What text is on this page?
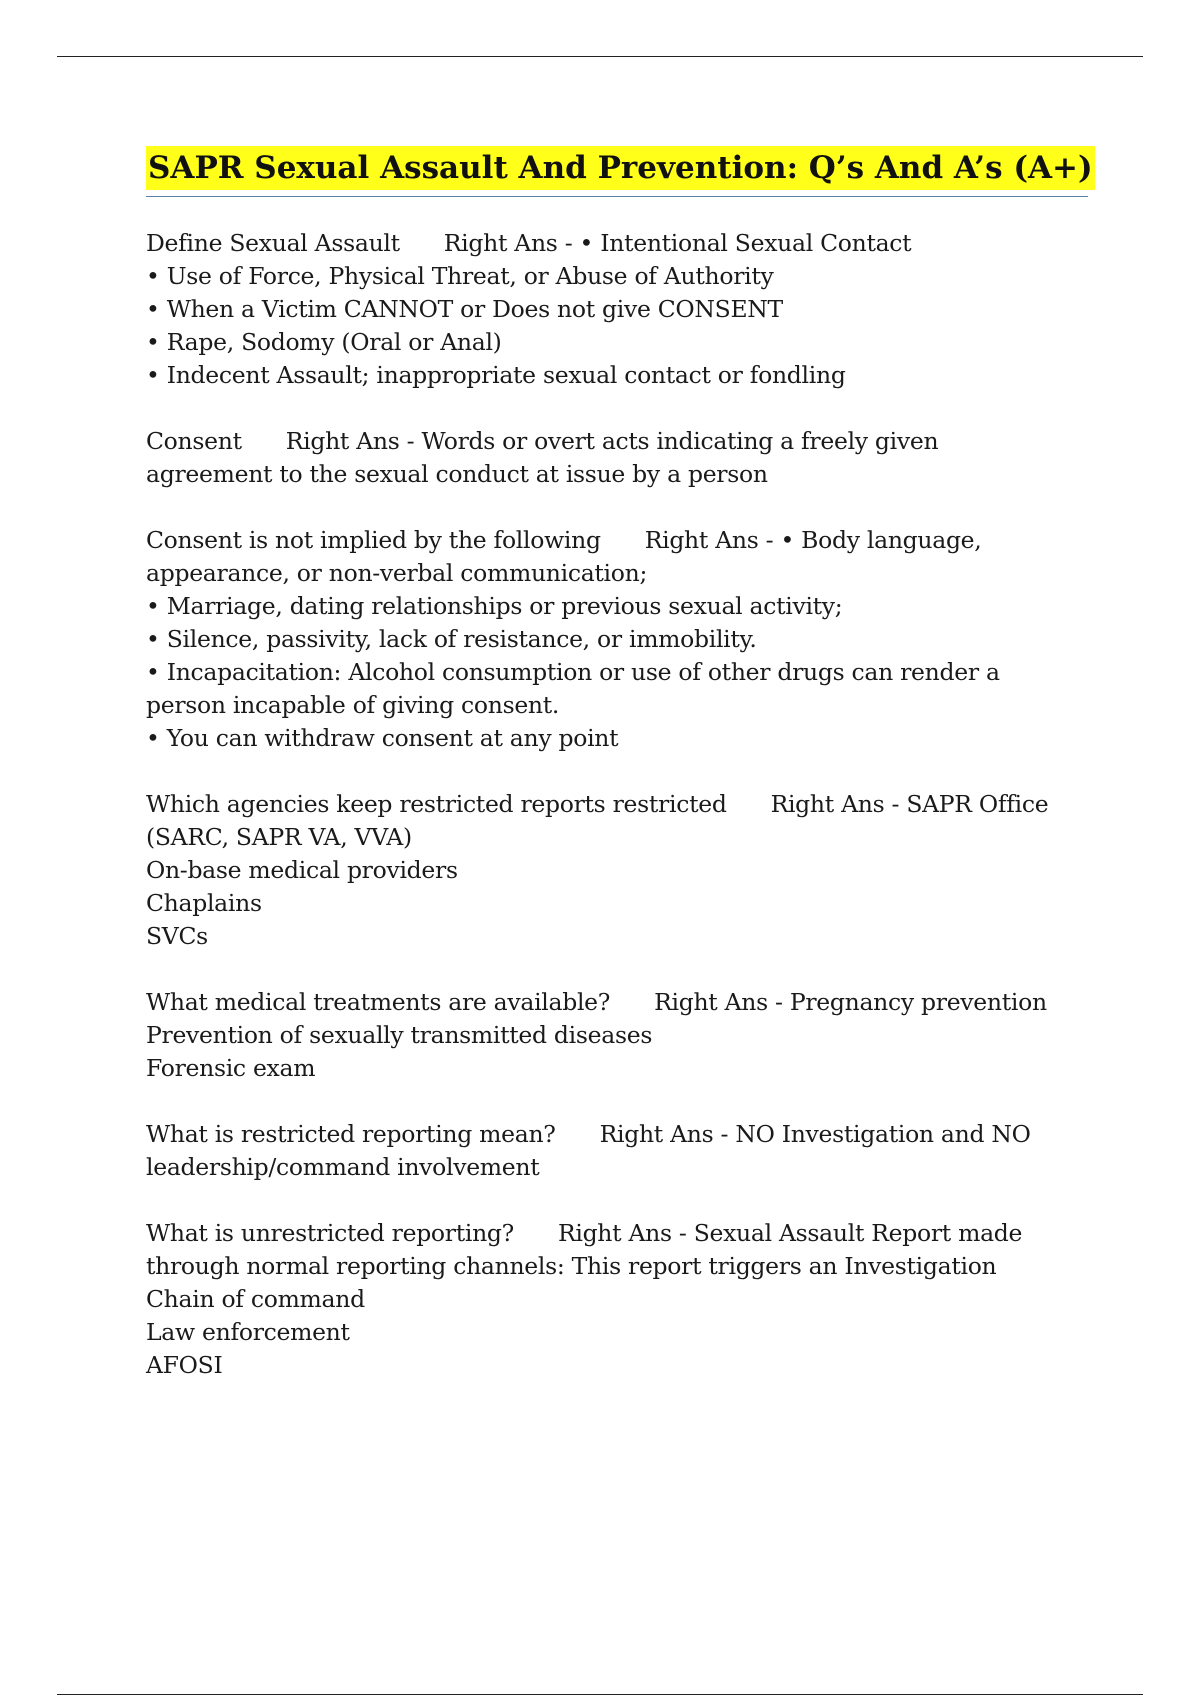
SAPR Sexual Assault And Prevention: Q’s And A’s (A+)
Define Sexual Assault Right Ans - • Intentional Sexual Contact
• Use of Force, Physical Threat, or Abuse of Authority
• When a Victim CANNOT or Does not give CONSENT
• Rape, Sodomy (Oral or Anal)
• Indecent Assault; inappropriate sexual contact or fondling
Consent Right Ans - Words or overt acts indicating a freely given
agreement to the sexual conduct at issue by a person
Consent is not implied by the following Right Ans - • Body language,
appearance, or non-verbal communication;
• Marriage, dating relationships or previous sexual activity;
• Silence, passivity, lack of resistance, or immobility.
• Incapacitation: Alcohol consumption or use of other drugs can render a
person incapable of giving consent.
• You can withdraw consent at any point
Which agencies keep restricted reports restricted Right Ans - SAPR Office
(SARC, SAPR VA, VVA)
On-base medical providers
Chaplains
SVCs
What medical treatments are available? Right Ans - Pregnancy prevention
Prevention of sexually transmitted diseases
Forensic exam
What is restricted reporting mean? Right Ans - NO Investigation and NO
leadership/command involvement
What is unrestricted reporting? Right Ans - Sexual Assault Report made
through normal reporting channels: This report triggers an Investigation
Chain of command
Law enforcement
AFOSI
